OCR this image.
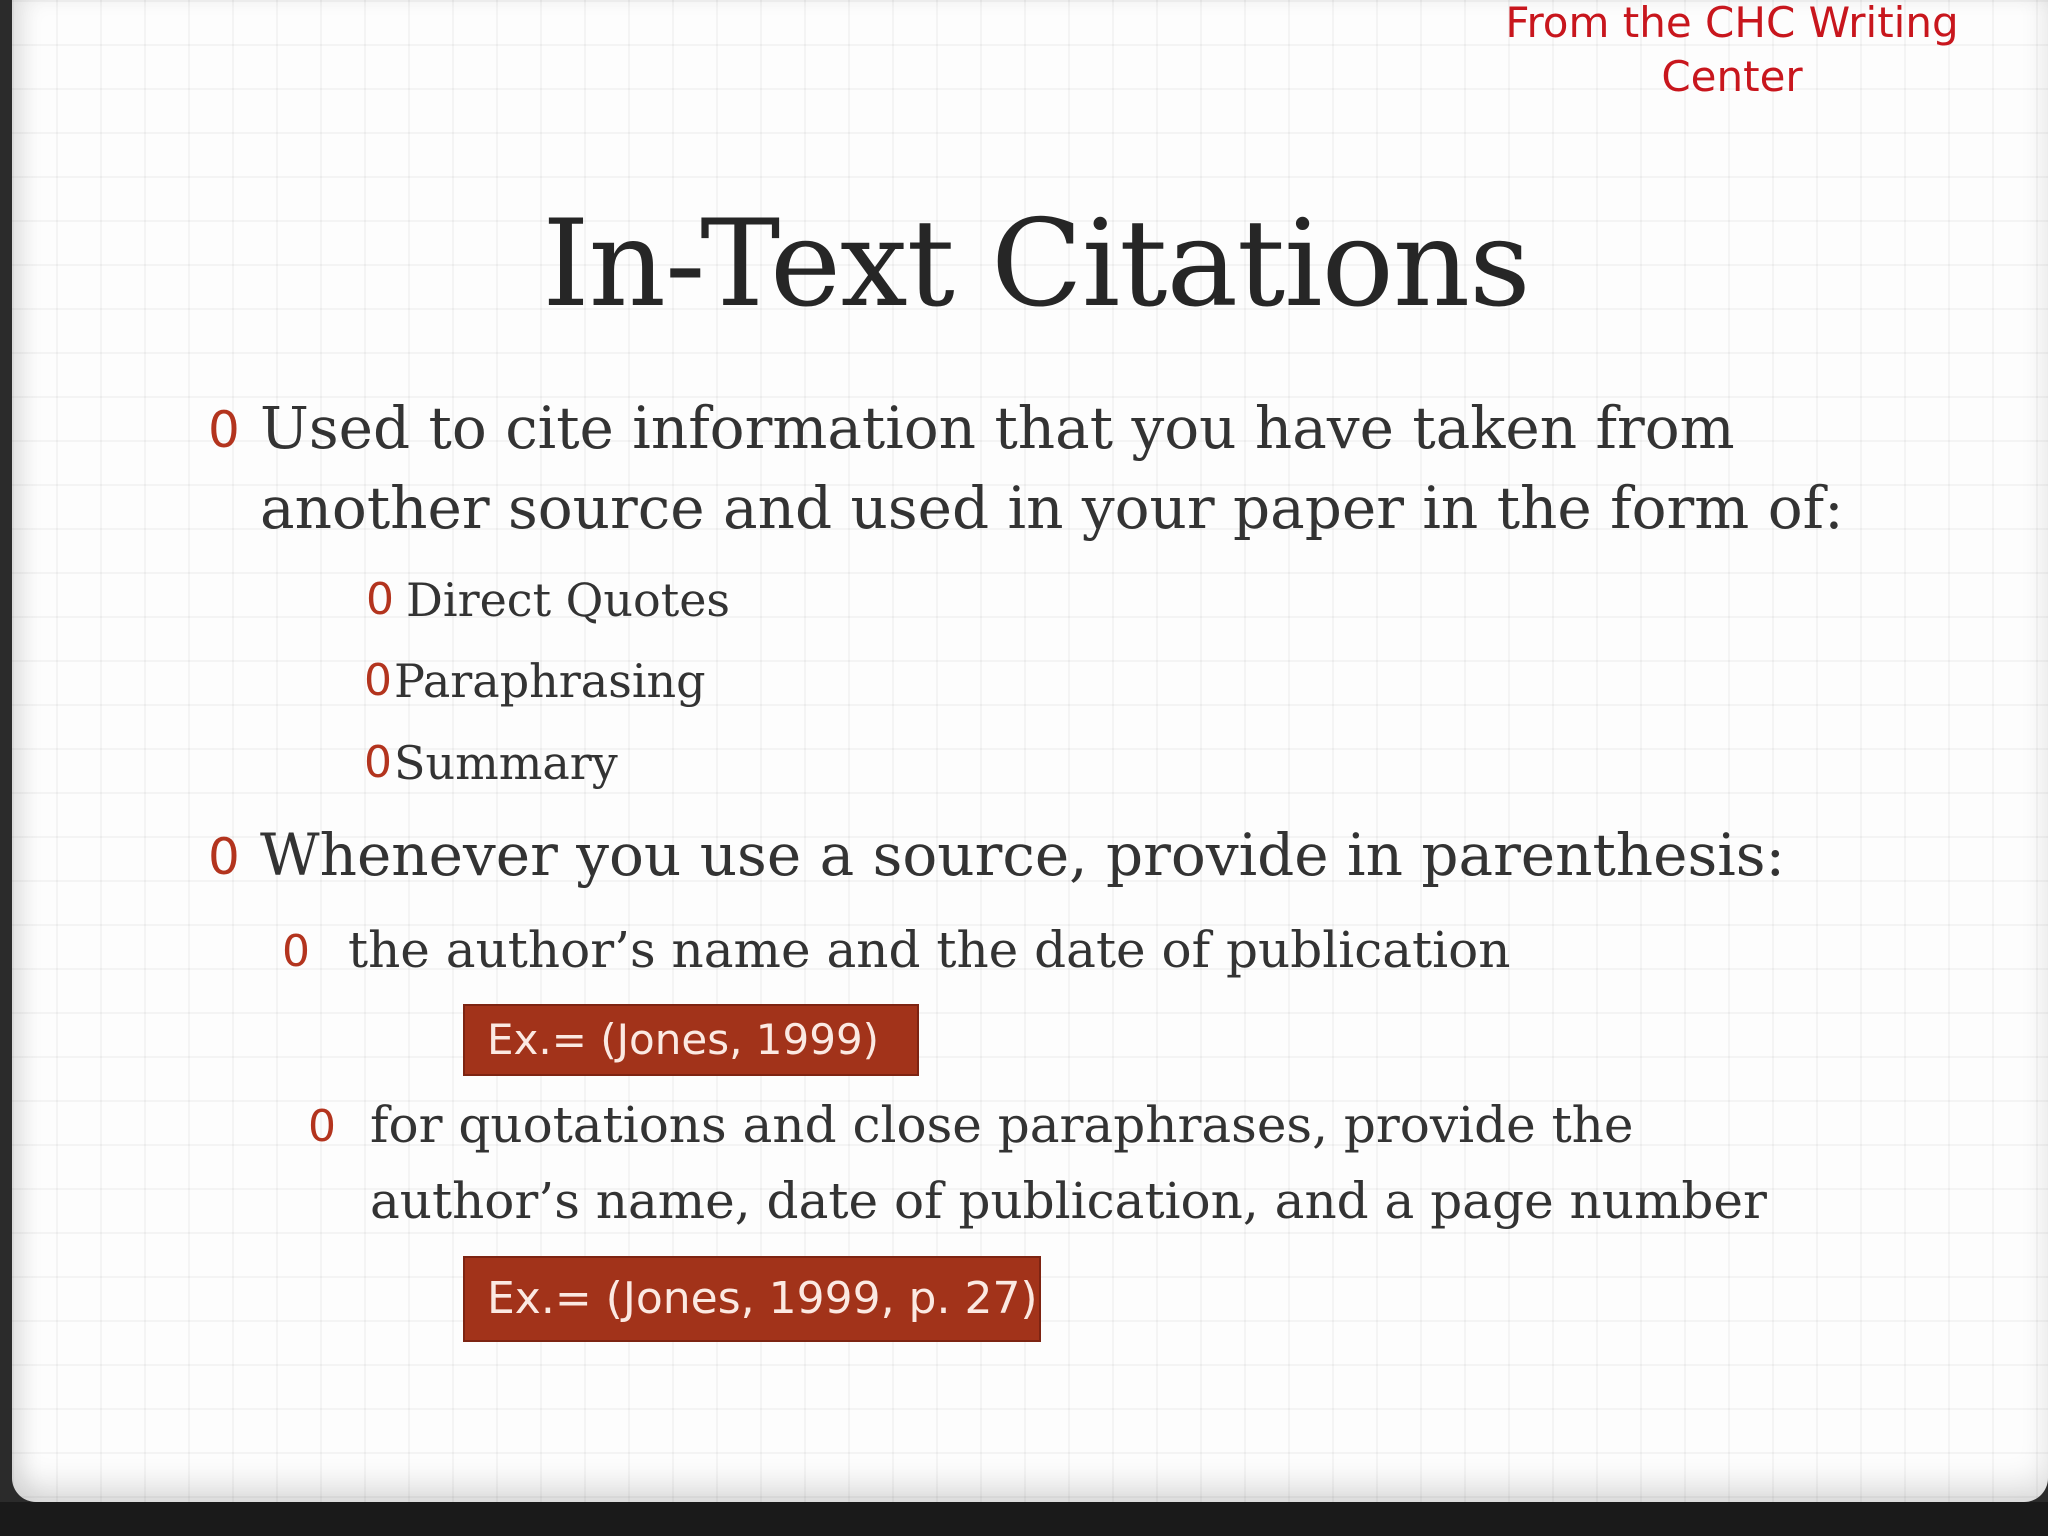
From the CHC Writing
Center
In-Text Citations
0 Used to cite information that you have taken from
another source and used in your paper in the form of:
0 Direct Quotes
0 Paraphrasing
0 Summary
0 Whenever you use a source, provide in parenthesis:
0 the author’s name and the date of publication
Ex.= (Jones, 1999)
0 for quotations and close paraphrases, provide the
author’s name, date of publication, and a page number
Ex.= (Jones, 1999, p. 27)
